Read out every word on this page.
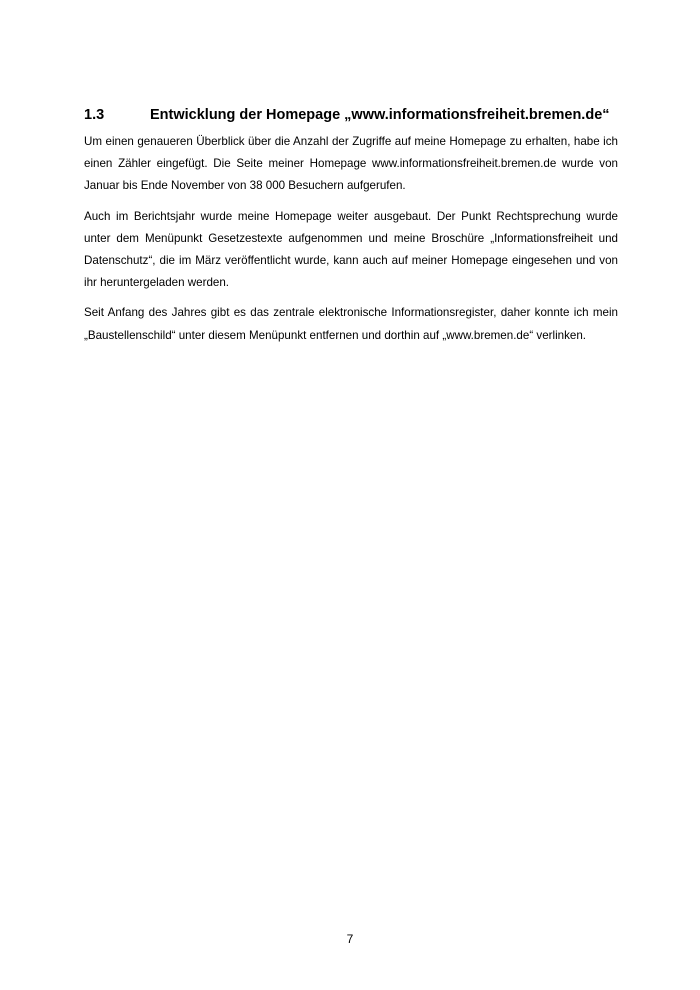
1.3	Entwicklung der Homepage „www.informationsfreiheit.bremen.de“

Um einen genaueren Überblick über die Anzahl der Zugriffe auf meine Homepage zu erhalten, habe ich einen Zähler eingefügt. Die Seite meiner Homepage www.informationsfreiheit.bremen.de wurde von Januar bis Ende November von 38 000 Besuchern aufgerufen.

Auch im Berichtsjahr wurde meine Homepage weiter ausgebaut. Der Punkt Rechtsprechung wurde unter dem Menüpunkt Gesetzestexte aufgenommen und meine Broschüre „Informationsfreiheit und Datenschutz“, die im März veröffentlicht wurde, kann auch auf meiner Homepage eingesehen und von ihr heruntergeladen werden.

Seit Anfang des Jahres gibt es das zentrale elektronische Informationsregister, daher konnte ich mein „Baustellenschild“ unter diesem Menüpunkt entfernen und dorthin auf „www.bremen.de“ verlinken.

7
